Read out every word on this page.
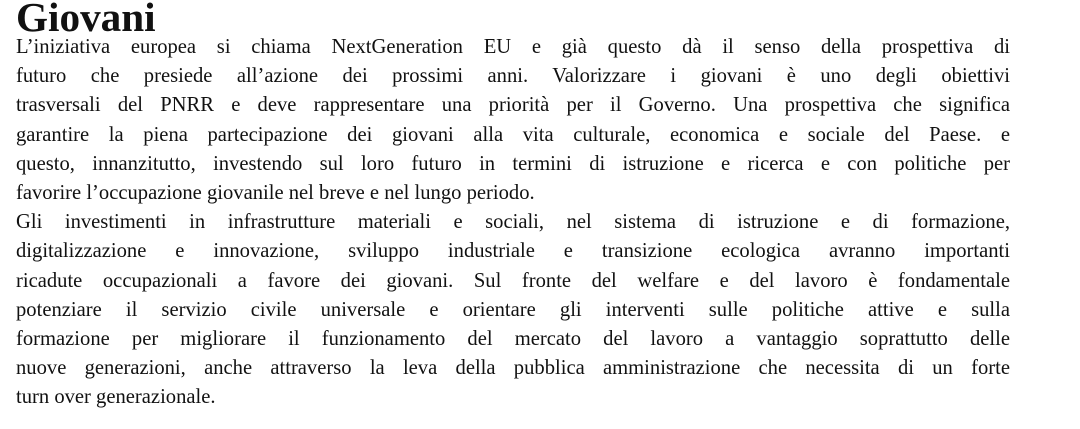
Giovani
L’iniziativa europea si chiama NextGeneration EU e già questo dà il senso della prospettiva di
futuro che presiede all’azione dei prossimi anni. Valorizzare i giovani è uno degli obiettivi
trasversali del PNRR e deve rappresentare una priorità per il Governo. Una prospettiva che significa
garantire la piena partecipazione dei giovani alla vita culturale, economica e sociale del Paese. e
questo, innanzitutto, investendo sul loro futuro in termini di istruzione e ricerca e con politiche per
favorire l’occupazione giovanile nel breve e nel lungo periodo.
Gli investimenti in infrastrutture materiali e sociali, nel sistema di istruzione e di formazione,
digitalizzazione e innovazione, sviluppo industriale e transizione ecologica avranno importanti
ricadute occupazionali a favore dei giovani. Sul fronte del welfare e del lavoro è fondamentale
potenziare il servizio civile universale e orientare gli interventi sulle politiche attive e sulla
formazione per migliorare il funzionamento del mercato del lavoro a vantaggio soprattutto delle
nuove generazioni, anche attraverso la leva della pubblica amministrazione che necessita di un forte
turn over generazionale.
